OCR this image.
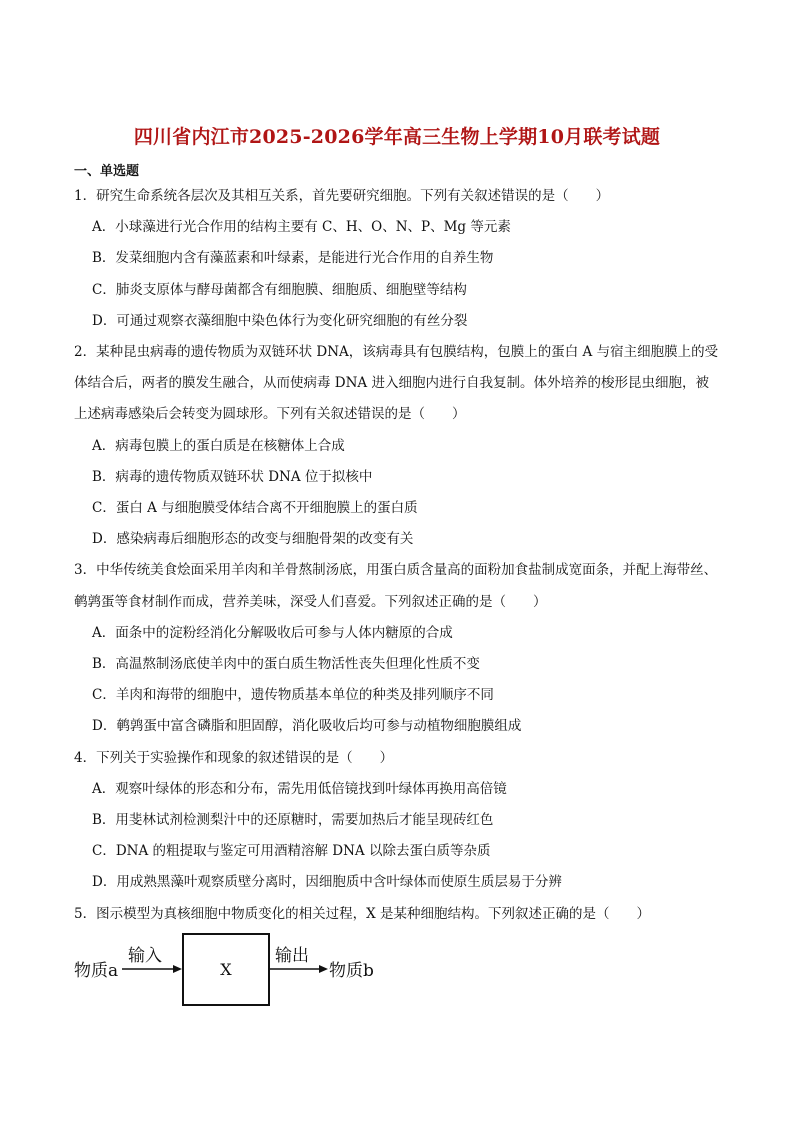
四川省内江市2025-2026学年高三生物上学期10月联考试题
一、单选题
1．研究生命系统各层次及其相互关系，首先要研究细胞。下列有关叙述错误的是（　　）
A．小球藻进行光合作用的结构主要有 C、H、O、N、P、Mg 等元素
B．发菜细胞内含有藻蓝素和叶绿素，是能进行光合作用的自养生物
C．肺炎支原体与酵母菌都含有细胞膜、细胞质、细胞壁等结构
D．可通过观察衣藻细胞中染色体行为变化研究细胞的有丝分裂
2．某种昆虫病毒的遗传物质为双链环状 DNA，该病毒具有包膜结构，包膜上的蛋白 A 与宿主细胞膜上的受
体结合后，两者的膜发生融合，从而使病毒 DNA 进入细胞内进行自我复制。体外培养的梭形昆虫细胞，被
上述病毒感染后会转变为圆球形。下列有关叙述错误的是（　　）
A．病毒包膜上的蛋白质是在核糖体上合成
B．病毒的遗传物质双链环状 DNA 位于拟核中
C．蛋白 A 与细胞膜受体结合离不开细胞膜上的蛋白质
D．感染病毒后细胞形态的改变与细胞骨架的改变有关
3．中华传统美食烩面采用羊肉和羊骨熬制汤底，用蛋白质含量高的面粉加食盐制成宽面条，并配上海带丝、
鹌鹑蛋等食材制作而成，营养美味，深受人们喜爱。下列叙述正确的是（　　）
A．面条中的淀粉经消化分解吸收后可参与人体内糖原的合成
B．高温熬制汤底使羊肉中的蛋白质生物活性丧失但理化性质不变
C．羊肉和海带的细胞中，遗传物质基本单位的种类及排列顺序不同
D．鹌鹑蛋中富含磷脂和胆固醇，消化吸收后均可参与动植物细胞膜组成
4．下列关于实验操作和现象的叙述错误的是（　　）
A．观察叶绿体的形态和分布，需先用低倍镜找到叶绿体再换用高倍镜
B．用斐林试剂检测梨汁中的还原糖时，需要加热后才能呈现砖红色
C．DNA 的粗提取与鉴定可用酒精溶解 DNA 以除去蛋白质等杂质
D．用成熟黑藻叶观察质壁分离时，因细胞质中含叶绿体而使原生质层易于分辨
5．图示模型为真核细胞中物质变化的相关过程，X 是某种细胞结构。下列叙述正确的是（　　）
物质a
输入
X
输出
物质b
